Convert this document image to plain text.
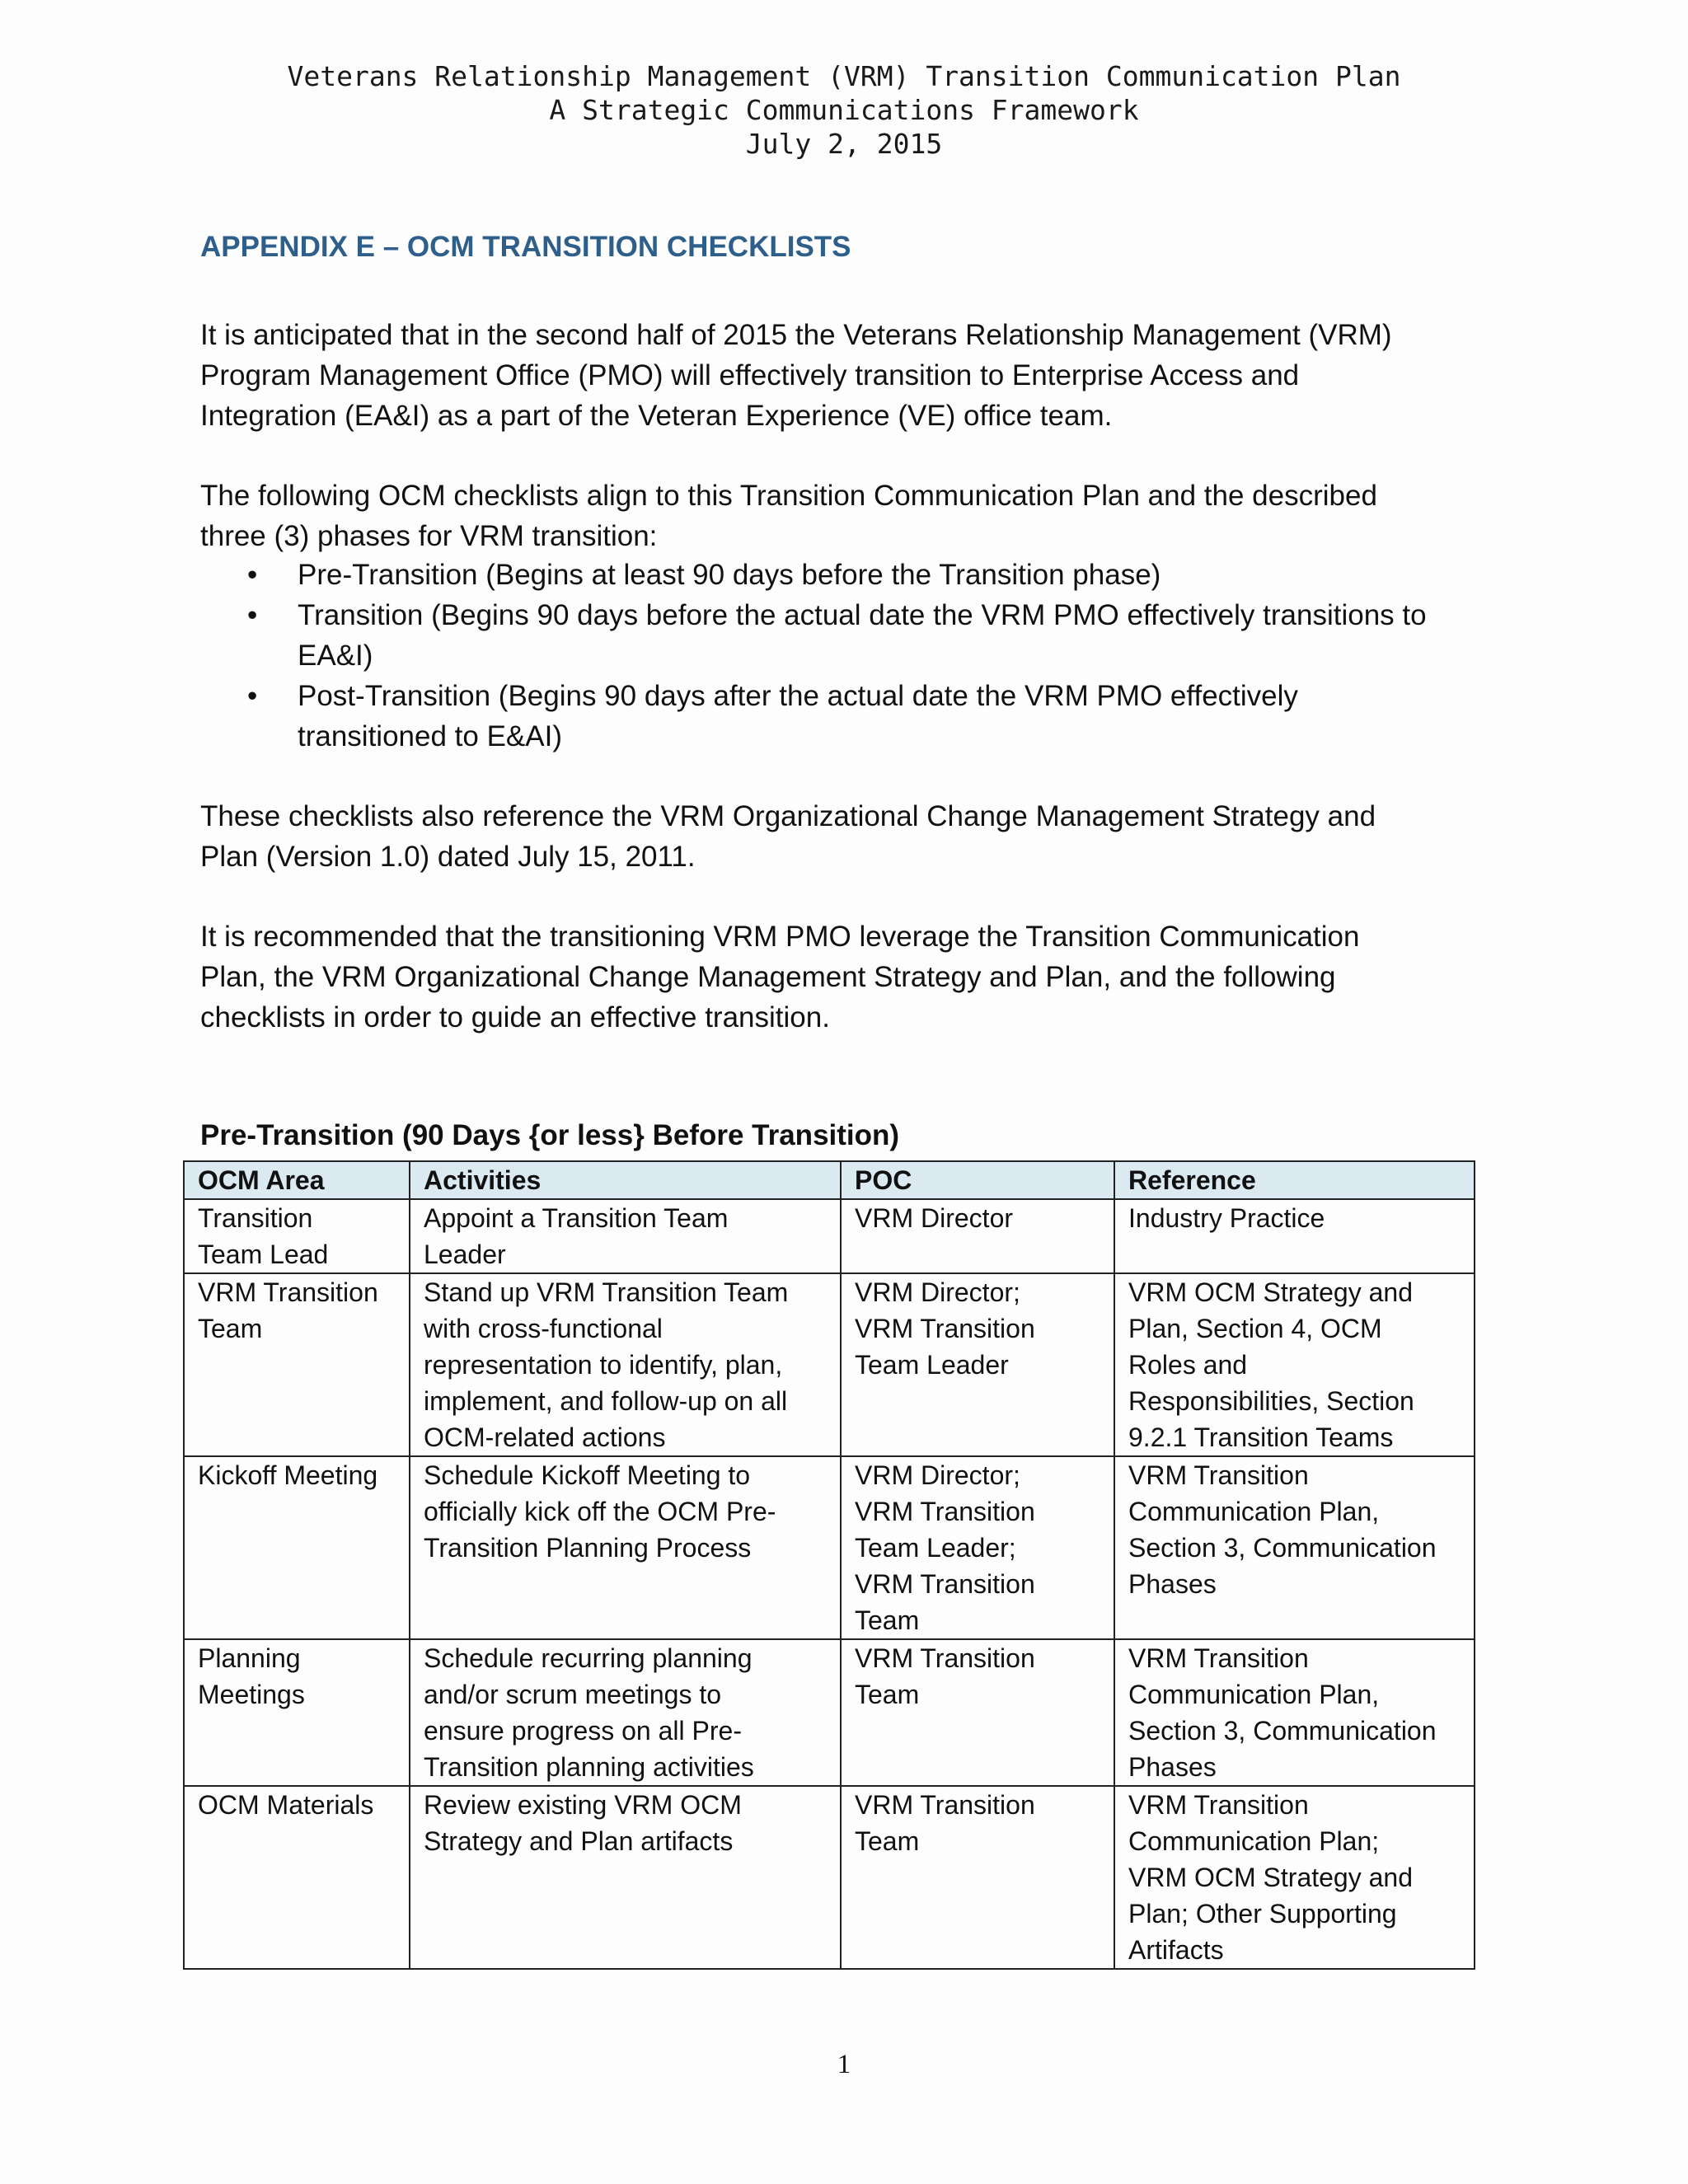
Veterans Relationship Management (VRM) Transition Communication Plan
A Strategic Communications Framework
July 2, 2015
APPENDIX E – OCM TRANSITION CHECKLISTS

It is anticipated that in the second half of 2015 the Veterans Relationship Management (VRM)

Program Management Office (PMO) will effectively transition to Enterprise Access and

Integration (EA&I) as a part of the Veteran Experience (VE) office team.

The following OCM checklists align to this Transition Communication Plan and the described

three (3) phases for VRM transition:

• Pre-Transition (Begins at least 90 days before the Transition phase)
• Transition (Begins 90 days before the actual date the VRM PMO effectively transitions to
EA&I)
• Post-Transition (Begins 90 days after the actual date the VRM PMO effectively
transitioned to E&AI)

These checklists also reference the VRM Organizational Change Management Strategy and

Plan (Version 1.0) dated July 15, 2011.

It is recommended that the transitioning VRM PMO leverage the Transition Communication

Plan, the VRM Organizational Change Management Strategy and Plan, and the following

checklists in order to guide an effective transition.

Pre-Transition (90 Days {or less} Before Transition)
OCM Area	Activities	POC	Reference

Transition
Team Lead	Appoint a Transition Team
Leader	VRM Director	Industry Practice

VRM Transition
Team	Stand up VRM Transition Team
with cross-functional
representation to identify, plan,
implement, and follow-up on all
OCM-related actions	VRM Director;
VRM Transition
Team Leader	VRM OCM Strategy and
Plan, Section 4, OCM
Roles and
Responsibilities, Section
9.2.1 Transition Teams

Kickoff Meeting	Schedule Kickoff Meeting to
officially kick off the OCM Pre-
Transition Planning Process	VRM Director;
VRM Transition
Team Leader;
VRM Transition
Team	VRM Transition
Communication Plan,
Section 3, Communication
Phases

Planning
Meetings	Schedule recurring planning
and/or scrum meetings to
ensure progress on all Pre-
Transition planning activities	VRM Transition
Team	VRM Transition
Communication Plan,
Section 3, Communication
Phases

OCM Materials	Review existing VRM OCM
Strategy and Plan artifacts	VRM Transition
Team	VRM Transition
Communication Plan;
VRM OCM Strategy and
Plan; Other Supporting
Artifacts
1
